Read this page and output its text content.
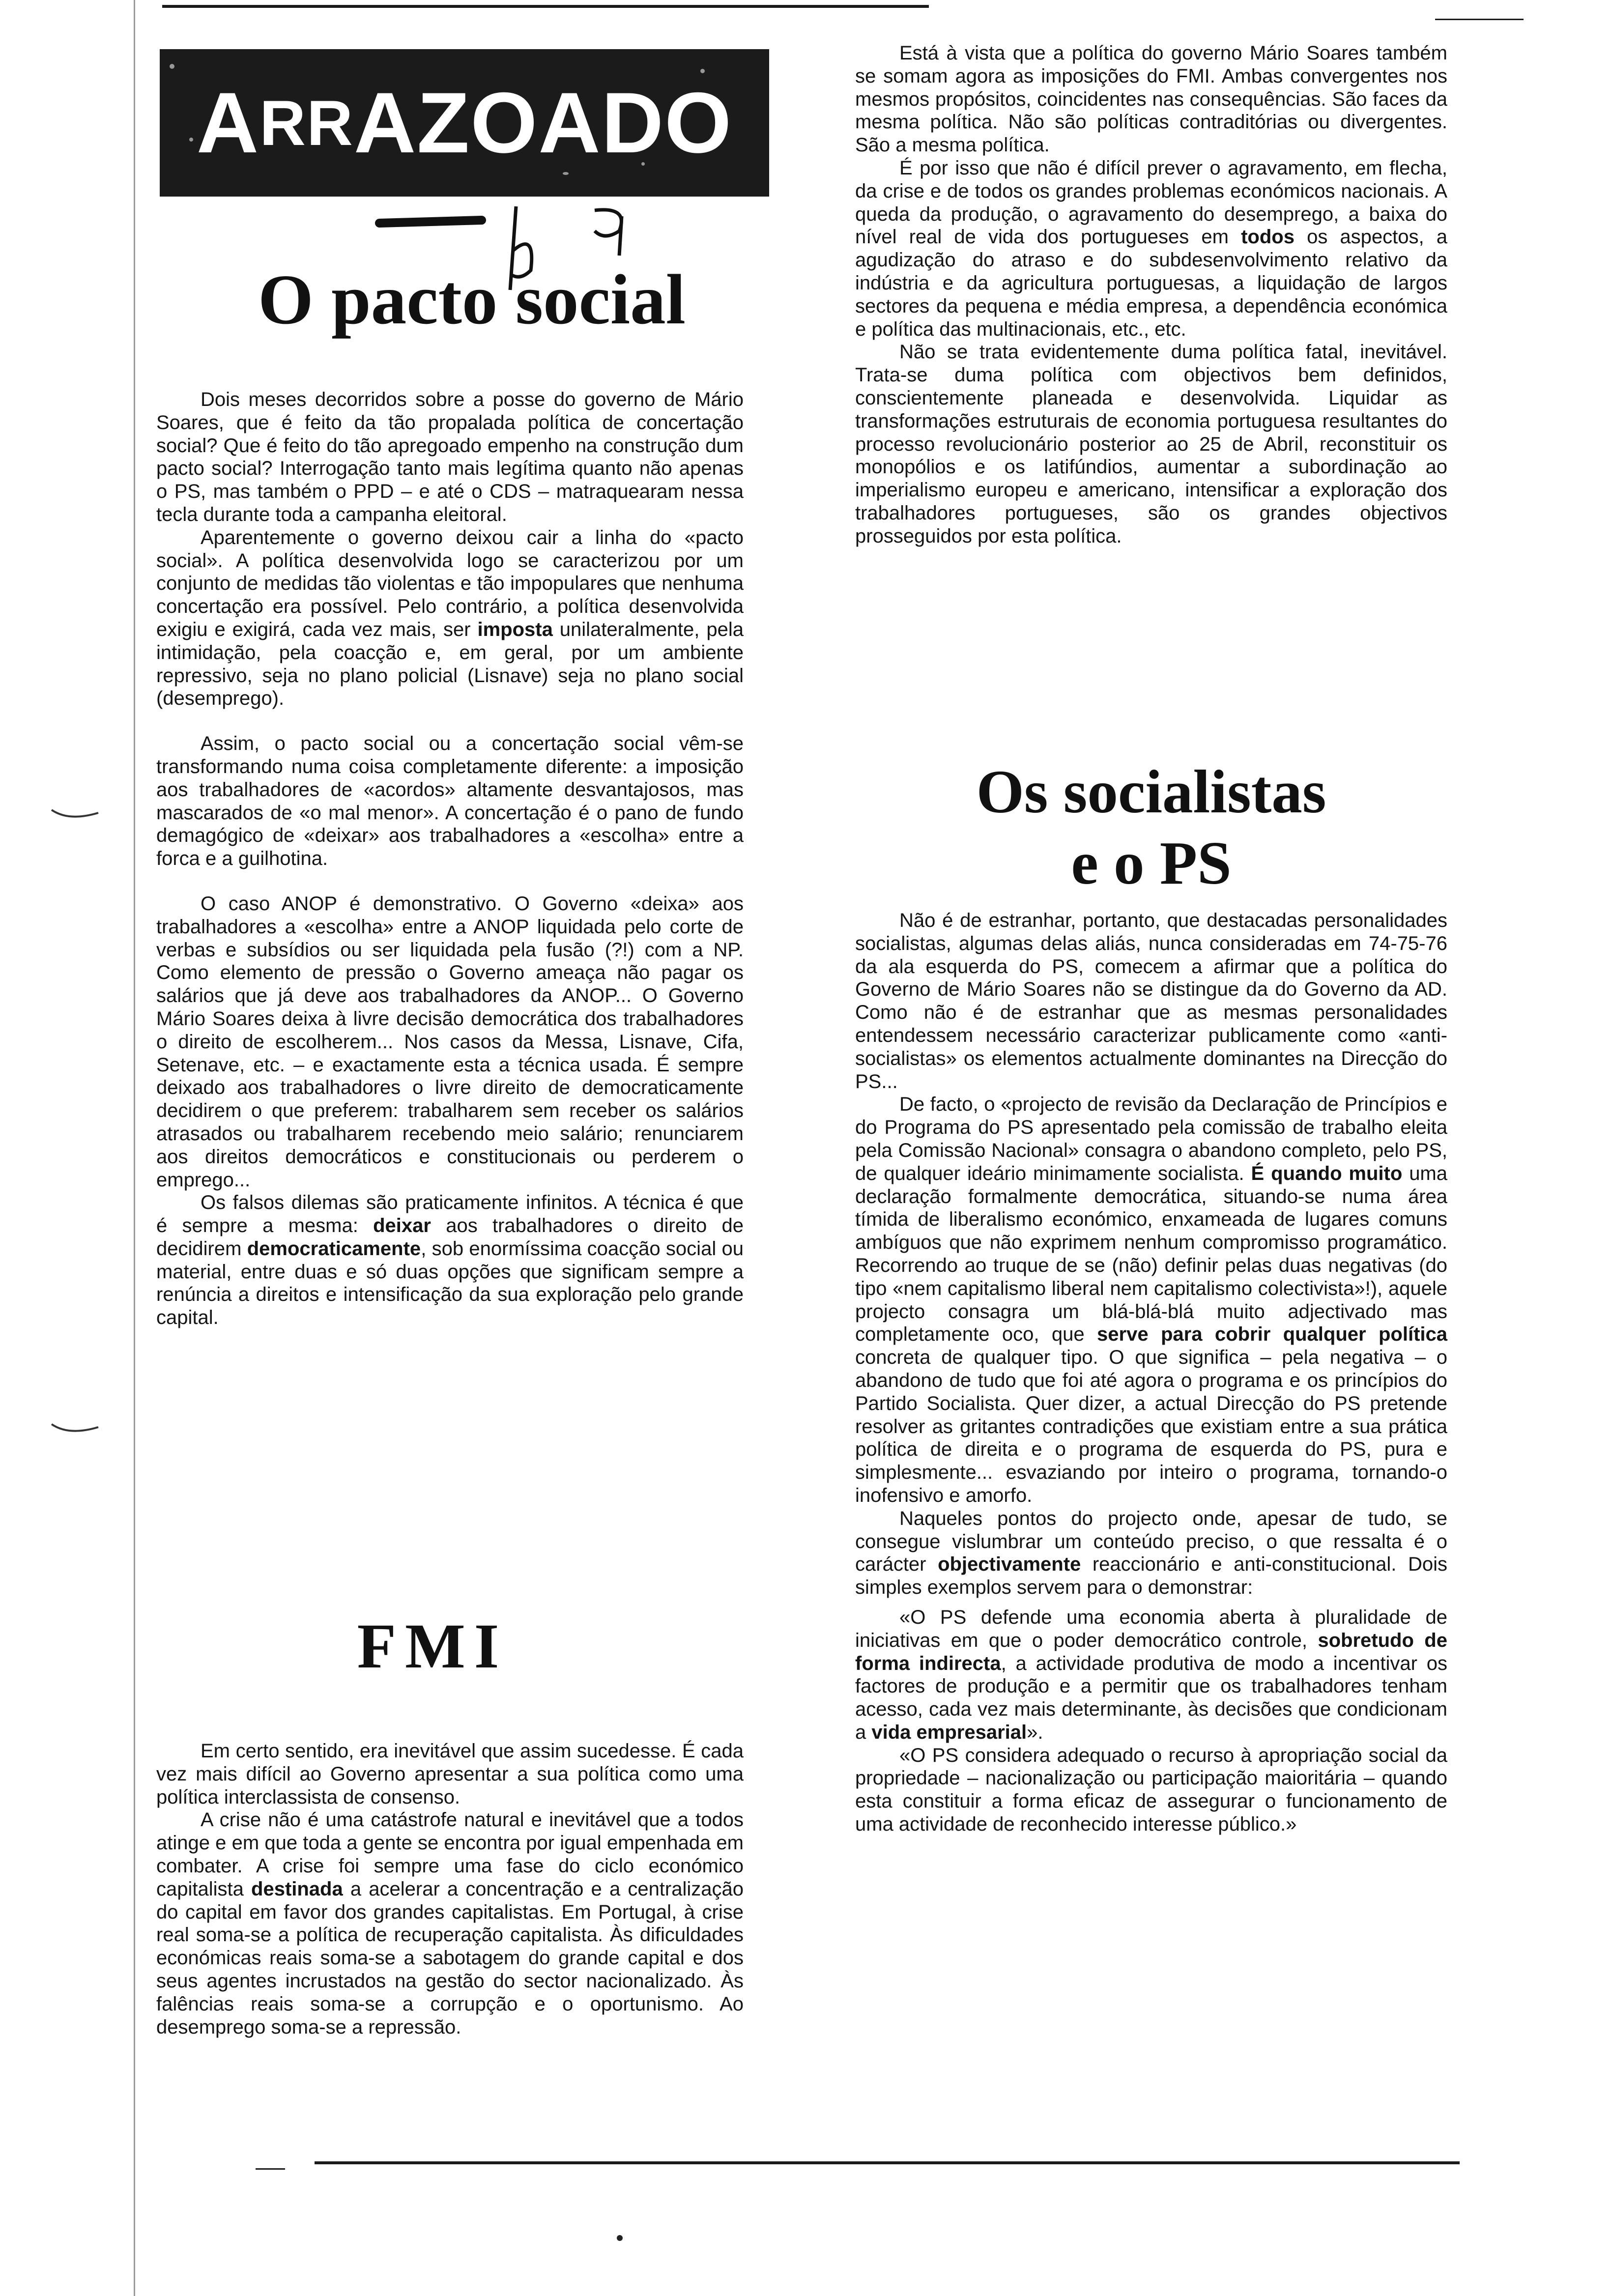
A RR AZOADO
O pacto social

Dois meses decorridos sobre a posse do governo de Mário Soares, que é feito da tão propalada política de concertação social? Que é feito do tão apregoado empenho na construção dum pacto social? Interrogação tanto mais legítima quanto não apenas o PS, mas também o PPD – e até o CDS – matraquearam nessa tecla durante toda a campanha eleitoral.

Aparentemente o governo deixou cair a linha do «pacto social». A política desenvolvida logo se caracterizou por um conjunto de medidas tão violentas e tão impopulares que nenhuma concertação era possível. Pelo contrário, a política desenvolvida exigiu e exigirá, cada vez mais, ser imposta unilateralmente, pela intimidação, pela coacção e, em geral, por um ambiente repressivo, seja no plano policial (Lisnave) seja no plano social (desemprego).

Assim, o pacto social ou a concertação social vêm-se transformando numa coisa completamente diferente: a imposição aos trabalhadores de «acordos» altamente desvantajosos, mas mascarados de «o mal menor». A concertação é o pano de fundo demagógico de «deixar» aos trabalhadores a «escolha» entre a forca e a guilhotina.

O caso ANOP é demonstrativo. O Governo «deixa» aos trabalhadores a «escolha» entre a ANOP liquidada pelo corte de verbas e subsídios ou ser liquidada pela fusão (?!) com a NP. Como elemento de pressão o Governo ameaça não pagar os salários que já deve aos trabalhadores da ANOP... O Governo Mário Soares deixa à livre decisão democrática dos trabalhadores o direito de escolherem... Nos casos da Messa, Lisnave, Cifa, Setenave, etc. – e exactamente esta a técnica usada. É sempre deixado aos trabalhadores o livre direito de democraticamente decidirem o que preferem: trabalharem sem receber os salários atrasados ou trabalharem recebendo meio salário; renunciarem aos direitos democráticos e constitucionais ou perderem o emprego...

Os falsos dilemas são praticamente infinitos. A técnica é que é sempre a mesma: deixar aos trabalhadores o direito de decidirem democraticamente, sob enormíssima coacção social ou material, entre duas e só duas opções que significam sempre a renúncia a direitos e intensificação da sua exploração pelo grande capital.

FMI

Em certo sentido, era inevitável que assim sucedesse. É cada vez mais difícil ao Governo apresentar a sua política como uma política interclassista de consenso.

A crise não é uma catástrofe natural e inevitável que a todos atinge e em que toda a gente se encontra por igual empenhada em combater. A crise foi sempre uma fase do ciclo económico capitalista destinada a acelerar a concentração e a centralização do capital em favor dos grandes capitalistas. Em Portugal, à crise real soma-se a política de recuperação capitalista. Às dificuldades económicas reais soma-se a sabotagem do grande capital e dos seus agentes incrustados na gestão do sector nacionalizado. Às falências reais soma-se a corrupção e o oportunismo. Ao desemprego soma-se a repressão.

Está à vista que a política do governo Mário Soares também se somam agora as imposições do FMI. Ambas convergentes nos mesmos propósitos, coincidentes nas consequências. São faces da mesma política. Não são políticas contraditórias ou divergentes. São a mesma política.

É por isso que não é difícil prever o agravamento, em flecha, da crise e de todos os grandes problemas económicos nacionais. A queda da produção, o agravamento do desemprego, a baixa do nível real de vida dos portugueses em todos os aspectos, a agudização do atraso e do subdesenvolvimento relativo da indústria e da agricultura portuguesas, a liquidação de largos sectores da pequena e média empresa, a dependência económica e política das multinacionais, etc., etc.

Não se trata evidentemente duma política fatal, inevitável. Trata-se duma política com objectivos bem definidos, conscientemente planeada e desenvolvida. Liquidar as transformações estruturais de economia portuguesa resultantes do processo revolucionário posterior ao 25 de Abril, reconstituir os monopólios e os latifúndios, aumentar a subordinação ao imperialismo europeu e americano, intensificar a exploração dos trabalhadores portugueses, são os grandes objectivos prosseguidos por esta política.

Os socialistas
e o PS

Não é de estranhar, portanto, que destacadas personalidades socialistas, algumas delas aliás, nunca consideradas em 74-75-76 da ala esquerda do PS, comecem a afirmar que a política do Governo de Mário Soares não se distingue da do Governo da AD. Como não é de estranhar que as mesmas personalidades entendessem necessário caracterizar publicamente como «anti-socialistas» os elementos actualmente dominantes na Direcção do PS...

De facto, o «projecto de revisão da Declaração de Princípios e do Programa do PS apresentado pela comissão de trabalho eleita pela Comissão Nacional» consagra o abandono completo, pelo PS, de qualquer ideário minimamente socialista. É quando muito uma declaração formalmente democrática, situando-se numa área tímida de liberalismo económico, enxameada de lugares comuns ambíguos que não exprimem nenhum compromisso programático. Recorrendo ao truque de se (não) definir pelas duas negativas (do tipo «nem capitalismo liberal nem capitalismo colectivista»!), aquele projecto consagra um blá-blá-blá muito adjectivado mas completamente oco, que serve para cobrir qualquer política concreta de qualquer tipo. O que significa – pela negativa – o abandono de tudo que foi até agora o programa e os princípios do Partido Socialista. Quer dizer, a actual Direcção do PS pretende resolver as gritantes contradições que existiam entre a sua prática política de direita e o programa de esquerda do PS, pura e simplesmente... esvaziando por inteiro o programa, tornando-o inofensivo e amorfo.

Naqueles pontos do projecto onde, apesar de tudo, se consegue vislumbrar um conteúdo preciso, o que ressalta é o carácter objectivamente reaccionário e anti-constitucional. Dois simples exemplos servem para o demonstrar:

«O PS defende uma economia aberta à pluralidade de iniciativas em que o poder democrático controle, sobretudo de forma indirecta, a actividade produtiva de modo a incentivar os factores de produção e a permitir que os trabalhadores tenham acesso, cada vez mais determinante, às decisões que condicionam a vida empresarial».

«O PS considera adequado o recurso à apropriação social da propriedade – nacionalização ou participação maioritária – quando esta constituir a forma eficaz de assegurar o funcionamento de uma actividade de reconhecido interesse público.»
